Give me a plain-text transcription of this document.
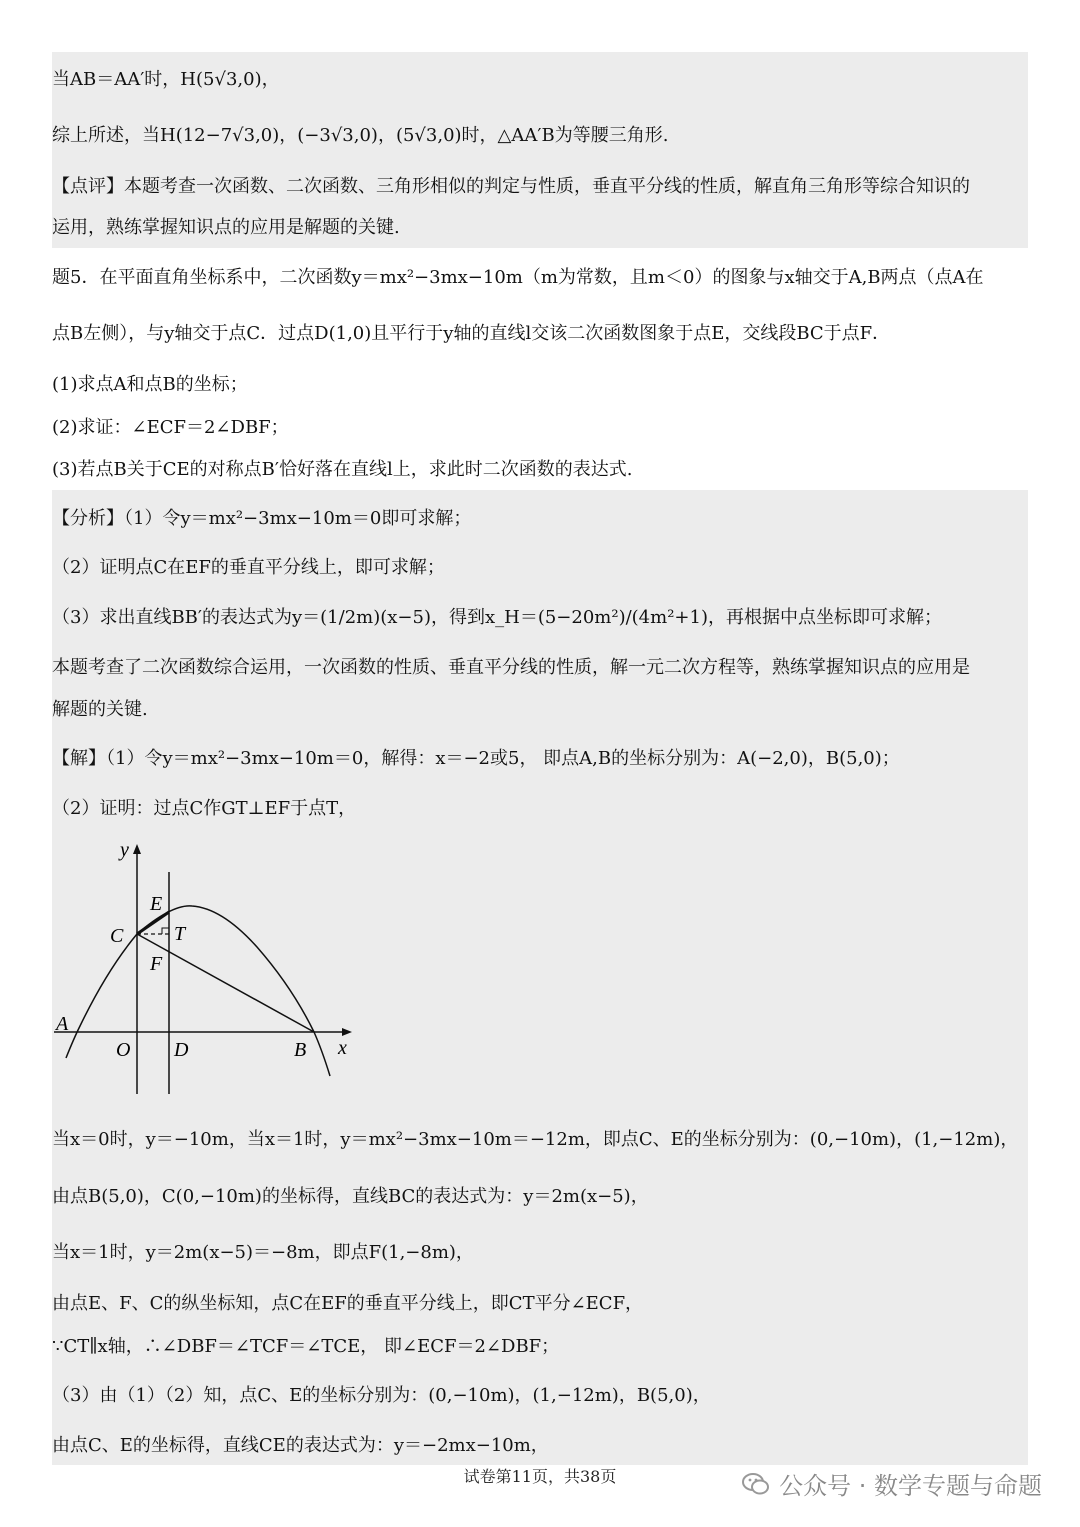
当AB＝AA′时，H(5√3,0)，
综上所述，当H(12−7√3,0)，(−3√3,0)，(5√3,0)时，△AA′B为等腰三角形.
【点评】本题考查一次函数、二次函数、三角形相似的判定与性质，垂直平分线的性质，解直角三角形等综合知识的
运用，熟练掌握知识点的应用是解题的关键.
题5．在平面直角坐标系中，二次函数y＝mx²−3mx−10m（m为常数，且m＜0）的图象与x轴交于A,B两点（点A在
点B左侧），与y轴交于点C．过点D(1,0)且平行于y轴的直线l交该二次函数图象于点E，交线段BC于点F．
(1)求点A和点B的坐标；
(2)求证：∠ECF＝2∠DBF；
(3)若点B关于CE的对称点B′恰好落在直线l上，求此时二次函数的表达式.
【分析】（1）令y＝mx²−3mx−10m＝0即可求解；
（2）证明点C在EF的垂直平分线上，即可求解；
（3）求出直线BB′的表达式为y＝(1/2m)(x−5)，得到x_H＝(5−20m²)/(4m²+1)，再根据中点坐标即可求解；
本题考查了二次函数综合运用，一次函数的性质、垂直平分线的性质，解一元二次方程等，熟练掌握知识点的应用是
解题的关键.
【解】（1）令y＝mx²−3mx−10m＝0，解得：x＝−2或5， 即点A,B的坐标分别为：A(−2,0)，B(5,0)；
（2）证明：过点C作GT⊥EF于点T，
y
x
E
C	T
F
A
O D	B
当x＝0时，y＝−10m，当x＝1时，y＝mx²−3mx−10m＝−12m，即点C、E的坐标分别为：(0,−10m)，(1,−12m)，
由点B(5,0)，C(0,−10m)的坐标得，直线BC的表达式为：y＝2m(x−5)，
当x＝1时，y＝2m(x−5)＝−8m，即点F(1,−8m)，
由点E、F、C的纵坐标知，点C在EF的垂直平分线上，即CT平分∠ECF，
∵CT∥x轴，∴∠DBF＝∠TCF＝∠TCE， 即∠ECF＝2∠DBF；
（3）由（1）（2）知，点C、E的坐标分别为：(0,−10m)，(1,−12m)，B(5,0)，
由点C、E的坐标得，直线CE的表达式为：y＝−2mx−10m，
试卷第11页，共38页	公众号 · 数学专题与命题
